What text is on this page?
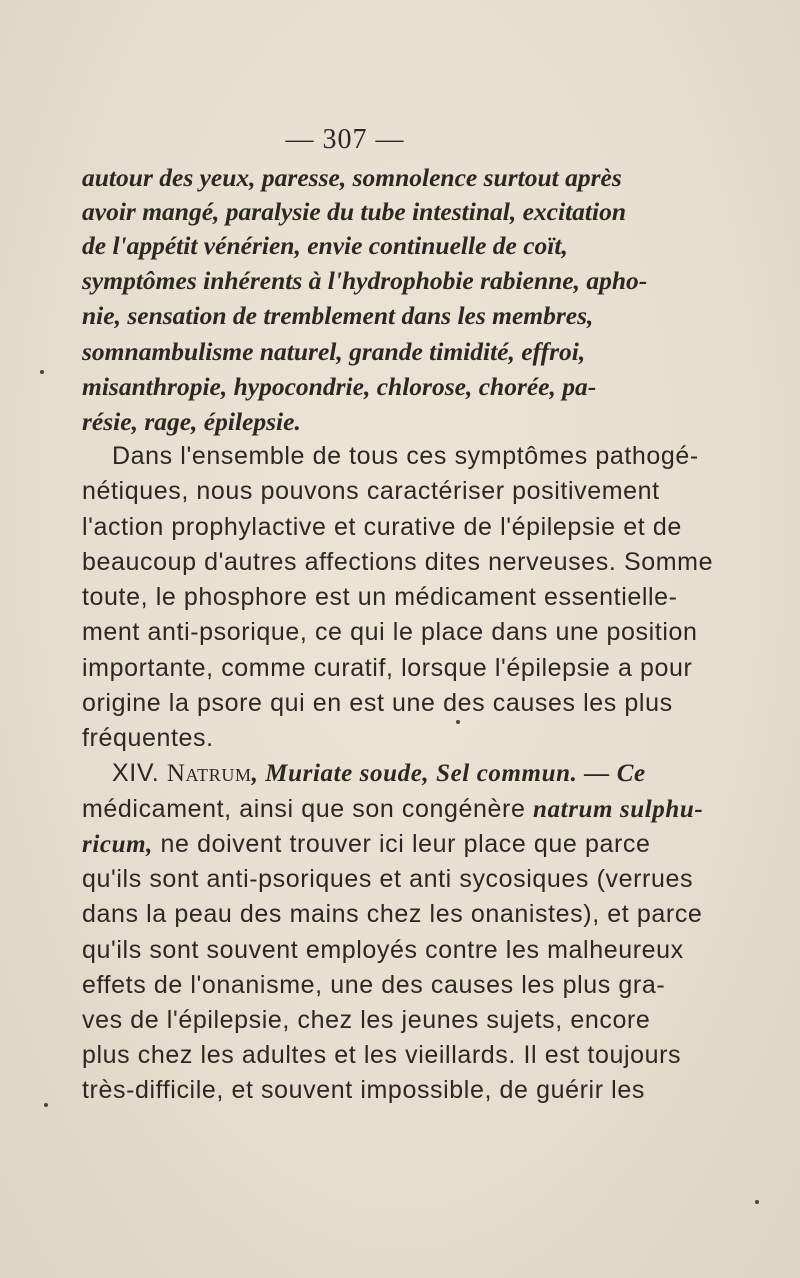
— 307 —
autour des yeux, paresse, somnolence surtout après
avoir mangé, paralysie du tube intestinal, excitation
de l'appétit vénérien, envie continuelle de coït,
symptômes inhérents à l'hydrophobie rabienne, apho-
nie, sensation de tremblement dans les membres,
somnambulisme naturel, grande timidité, effroi,
misanthropie, hypocondrie, chlorose, chorée, pa-
résie, rage, épilepsie.
Dans l'ensemble de tous ces symptômes pathogé-
nétiques, nous pouvons caractériser positivement
l'action prophylactive et curative de l'épilepsie et de
beaucoup d'autres affections dites nerveuses. Somme
toute, le phosphore est un médicament essentielle-
ment anti-psorique, ce qui le place dans une position
importante, comme curatif, lorsque l'épilepsie a pour
origine la psore qui en est une des causes les plus
fréquentes.
XIV. Natrum, Muriate soude, Sel commun. — Ce
médicament, ainsi que son congénère natrum sulphu-
ricum, ne doivent trouver ici leur place que parce
qu'ils sont anti-psoriques et anti sycosiques (verrues
dans la peau des mains chez les onanistes), et parce
qu'ils sont souvent employés contre les malheureux
effets de l'onanisme, une des causes les plus gra-
ves de l'épilepsie, chez les jeunes sujets, encore
plus chez les adultes et les vieillards. Il est toujours
très-difficile, et souvent impossible, de guérir les
